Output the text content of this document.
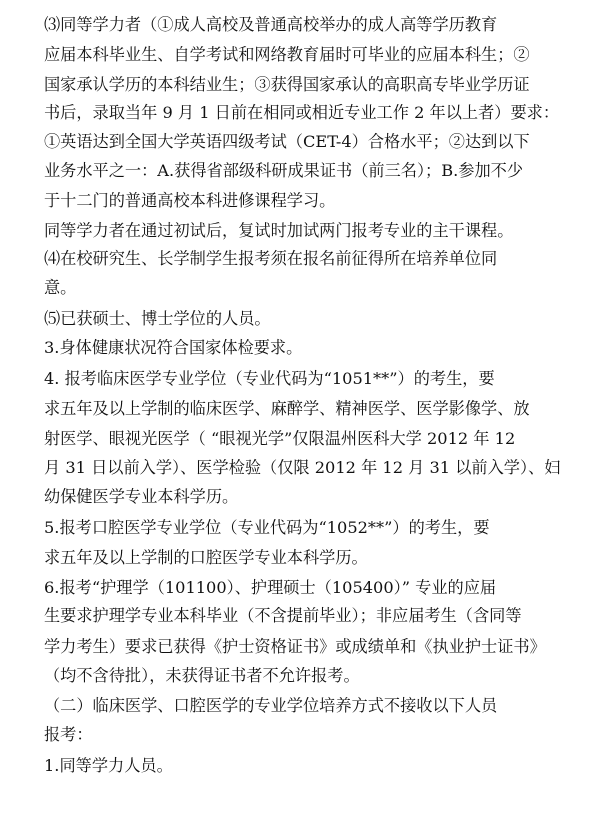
⑶同等学力者（①成人高校及普通高校举办的成人高等学历教育
应届本科毕业生、自学考试和网络教育届时可毕业的应届本科生；②
国家承认学历的本科结业生；③获得国家承认的高职高专毕业学历证
书后，录取当年 9 月 1 日前在相同或相近专业工作 2 年以上者）要求：
①英语达到全国大学英语四级考试（CET-4）合格水平；②达到以下
业务水平之一：A.获得省部级科研成果证书（前三名）；B.参加不少
于十二门的普通高校本科进修课程学习。
同等学力者在通过初试后，复试时加试两门报考专业的主干课程。
⑷在校研究生、长学制学生报考须在报名前征得所在培养单位同
意。
⑸已获硕士、博士学位的人员。
3.身体健康状况符合国家体检要求。
4. 报考临床医学专业学位（专业代码为“1051**”）的考生，要
求五年及以上学制的临床医学、麻醉学、精神医学、医学影像学、放
射医学、眼视光医学（ “眼视光学”仅限温州医科大学 2012 年 12
月 31 日以前入学）、医学检验（仅限 2012 年 12 月 31 以前入学）、妇
幼保健医学专业本科学历。
5.报考口腔医学专业学位（专业代码为“1052**”）的考生，要
求五年及以上学制的口腔医学专业本科学历。
6.报考“护理学（101100）、护理硕士（105400）” 专业的应届
生要求护理学专业本科毕业（不含提前毕业）；非应届考生（含同等
学力考生）要求已获得《护士资格证书》或成绩单和《执业护士证书》
（均不含待批），未获得证书者不允许报考。
（二）临床医学、口腔医学的专业学位培养方式不接收以下人员
报考：
1.同等学力人员。
